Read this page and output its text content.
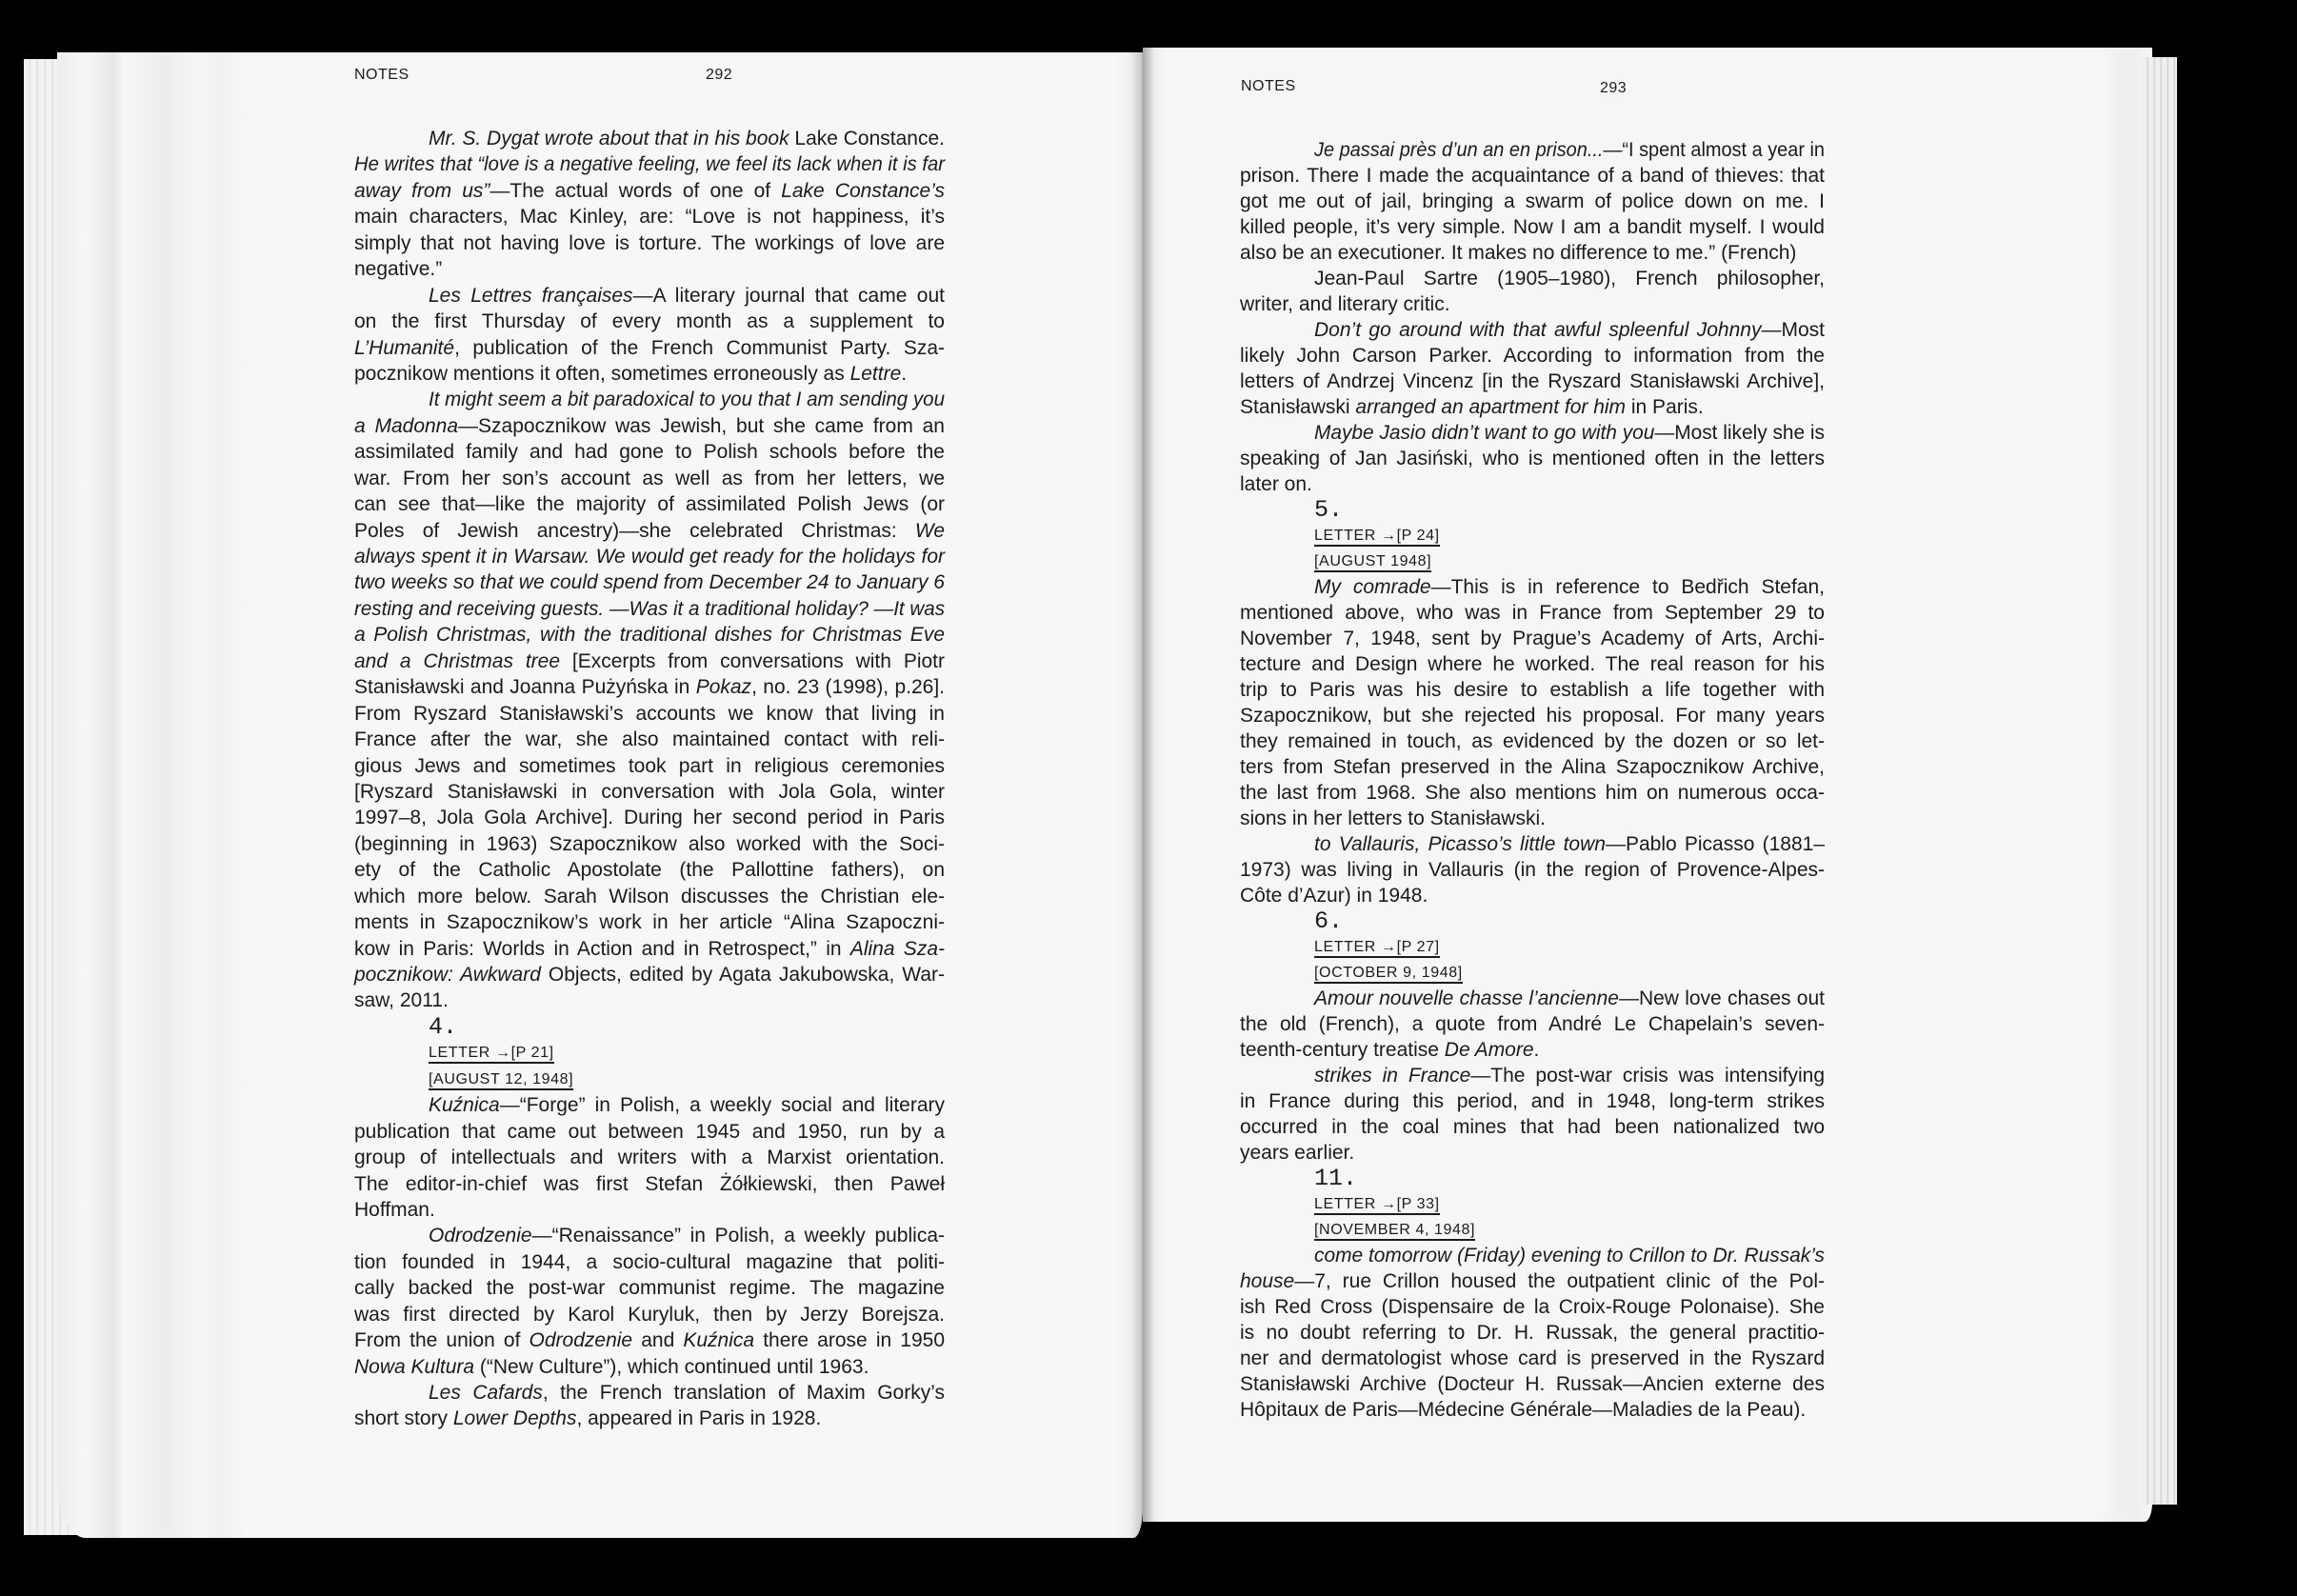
NOTES	292
NOTES	293
Mr. S. Dygat wrote about that in his book Lake Constance.
He writes that “love is a negative feeling, we feel its lack when it is far
away from us”—The actual words of one of Lake Constance’s
main characters, Mac Kinley, are: “Love is not happiness, it’s
simply that not having love is torture. The workings of love are
negative.”
Les Lettres françaises—A literary journal that came out
on the first Thursday of every month as a supplement to
L’Humanité, publication of the French Communist Party. Sza-
pocznikow mentions it often, sometimes erroneously as Lettre.
It might seem a bit paradoxical to you that I am sending you
a Madonna—Szapocznikow was Jewish, but she came from an
assimilated family and had gone to Polish schools before the
war. From her son’s account as well as from her letters, we
can see that—like the majority of assimilated Polish Jews (or
Poles of Jewish ancestry)—she celebrated Christmas: We
always spent it in Warsaw. We would get ready for the holidays for
two weeks so that we could spend from December 24 to January 6
resting and receiving guests. —Was it a traditional holiday? —It was
a Polish Christmas, with the traditional dishes for Christmas Eve
and a Christmas tree [Excerpts from conversations with Piotr
Stanisławski and Joanna Pużyńska in Pokaz, no. 23 (1998), p.26].
From Ryszard Stanisławski’s accounts we know that living in
France after the war, she also maintained contact with reli-
gious Jews and sometimes took part in religious ceremonies
[Ryszard Stanisławski in conversation with Jola Gola, winter
1997–8, Jola Gola Archive]. During her second period in Paris
(beginning in 1963) Szapocznikow also worked with the Soci-
ety of the Catholic Apostolate (the Pallottine fathers), on
which more below. Sarah Wilson discusses the Christian ele-
ments in Szapocznikow’s work in her article “Alina Szapoczni-
kow in Paris: Worlds in Action and in Retrospect,” in Alina Sza-
pocznikow: Awkward Objects, edited by Agata Jakubowska, War-
saw, 2011.
4.
LETTER →[P 21]
[AUGUST 12, 1948]
Kuźnica—“Forge” in Polish, a weekly social and literary
publication that came out between 1945 and 1950, run by a
group of intellectuals and writers with a Marxist orientation.
The editor-in-chief was first Stefan Żółkiewski, then Paweł
Hoffman.
Odrodzenie—“Renaissance” in Polish, a weekly publica-
tion founded in 1944, a socio-cultural magazine that politi-
cally backed the post-war communist regime. The magazine
was first directed by Karol Kuryluk, then by Jerzy Borejsza.
From the union of Odrodzenie and Kuźnica there arose in 1950
Nowa Kultura (“New Culture”), which continued until 1963.
Les Cafards, the French translation of Maxim Gorky’s
short story Lower Depths, appeared in Paris in 1928.
Je passai près d’un an en prison...—“I spent almost a year in
prison. There I made the acquaintance of a band of thieves: that
got me out of jail, bringing a swarm of police down on me. I
killed people, it’s very simple. Now I am a bandit myself. I would
also be an executioner. It makes no difference to me.” (French)
Jean-Paul Sartre (1905–1980), French philosopher,
writer, and literary critic.
Don’t go around with that awful spleenful Johnny—Most
likely John Carson Parker. According to information from the
letters of Andrzej Vincenz [in the Ryszard Stanisławski Archive],
Stanisławski arranged an apartment for him in Paris.
Maybe Jasio didn’t want to go with you—Most likely she is
speaking of Jan Jasiński, who is mentioned often in the letters
later on.
5.
LETTER →[P 24]
[AUGUST 1948]
My comrade—This is in reference to Bedřich Stefan,
mentioned above, who was in France from September 29 to
November 7, 1948, sent by Prague’s Academy of Arts, Archi-
tecture and Design where he worked. The real reason for his
trip to Paris was his desire to establish a life together with
Szapocznikow, but she rejected his proposal. For many years
they remained in touch, as evidenced by the dozen or so let-
ters from Stefan preserved in the Alina Szapocznikow Archive,
the last from 1968. She also mentions him on numerous occa-
sions in her letters to Stanisławski.
to Vallauris, Picasso’s little town—Pablo Picasso (1881–
1973) was living in Vallauris (in the region of Provence-Alpes-
Côte d’Azur) in 1948.
6.
LETTER →[P 27]
[OCTOBER 9, 1948]
Amour nouvelle chasse l’ancienne—New love chases out
the old (French), a quote from André Le Chapelain’s seven-
teenth-century treatise De Amore.
strikes in France—The post-war crisis was intensifying
in France during this period, and in 1948, long-term strikes
occurred in the coal mines that had been nationalized two
years earlier.
11.
LETTER →[P 33]
[NOVEMBER 4, 1948]
come tomorrow (Friday) evening to Crillon to Dr. Russak’s
house—7, rue Crillon housed the outpatient clinic of the Pol-
ish Red Cross (Dispensaire de la Croix-Rouge Polonaise). She
is no doubt referring to Dr. H. Russak, the general practitio-
ner and dermatologist whose card is preserved in the Ryszard
Stanisławski Archive (Docteur H. Russak—Ancien externe des
Hôpitaux de Paris—Médecine Générale—Maladies de la Peau).
